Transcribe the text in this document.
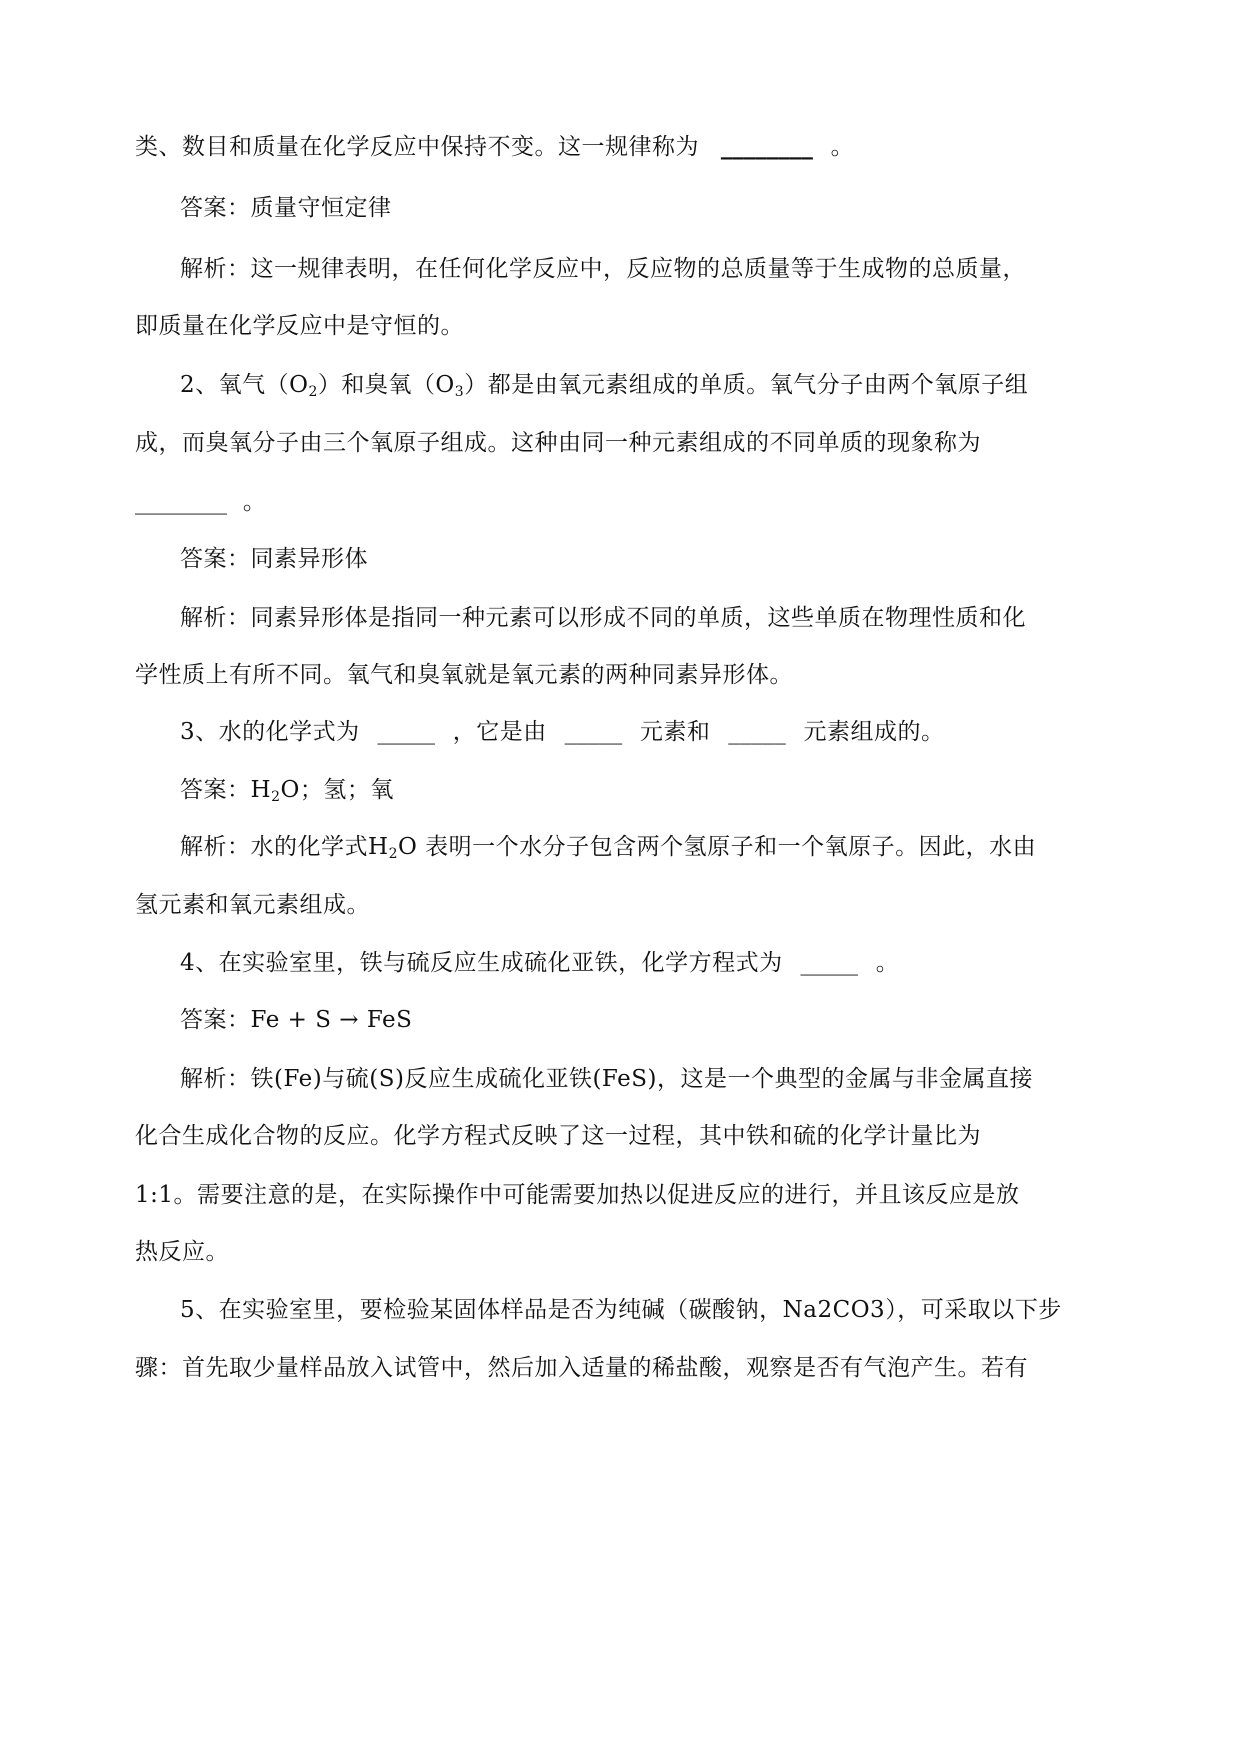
类、数目和质量在化学反应中保持不变。这一规律称为 ________ 。
答案：质量守恒定律
解析：这一规律表明，在任何化学反应中，反应物的总质量等于生成物的总质量，
即质量在化学反应中是守恒的。
2、氧气$(O_2)$和臭氧$(O_3)$都是由氧元素组成的单质。氧气分子由两个氧原子组
成，而臭氧分子由三个氧原子组成。这种由同一种元素组成的不同单质的现象称为
________ 。
答案：同素异形体
解析：同素异形体是指同一种元素可以形成不同的单质，这些单质在物理性质和化
学性质上有所不同。氧气和臭氧就是氧元素的两种同素异形体。
3、水的化学式为 _____ ，它是由 _____ 元素和 _____ 元素组成的。
答案：$H_2O$；氢；氧
解析：水的化学式$H_2O$ 表明一个水分子包含两个氢原子和一个氧原子。因此，水由
氢元素和氧元素组成。
4、在实验室里，铁与硫反应生成硫化亚铁，化学方程式为 _____ 。
答案：Fe + S → FeS
解析：铁(Fe)与硫(S)反应生成硫化亚铁(FeS)，这是一个典型的金属与非金属直接
化合生成化合物的反应。化学方程式反映了这一过程，其中铁和硫的化学计量比为
1:1。需要注意的是，在实际操作中可能需要加热以促进反应的进行，并且该反应是放
热反应。
5、在实验室里，要检验某固体样品是否为纯碱（碳酸钠，Na2CO3），可采取以下步
骤：首先取少量样品放入试管中，然后加入适量的稀盐酸，观察是否有气泡产生。若有
